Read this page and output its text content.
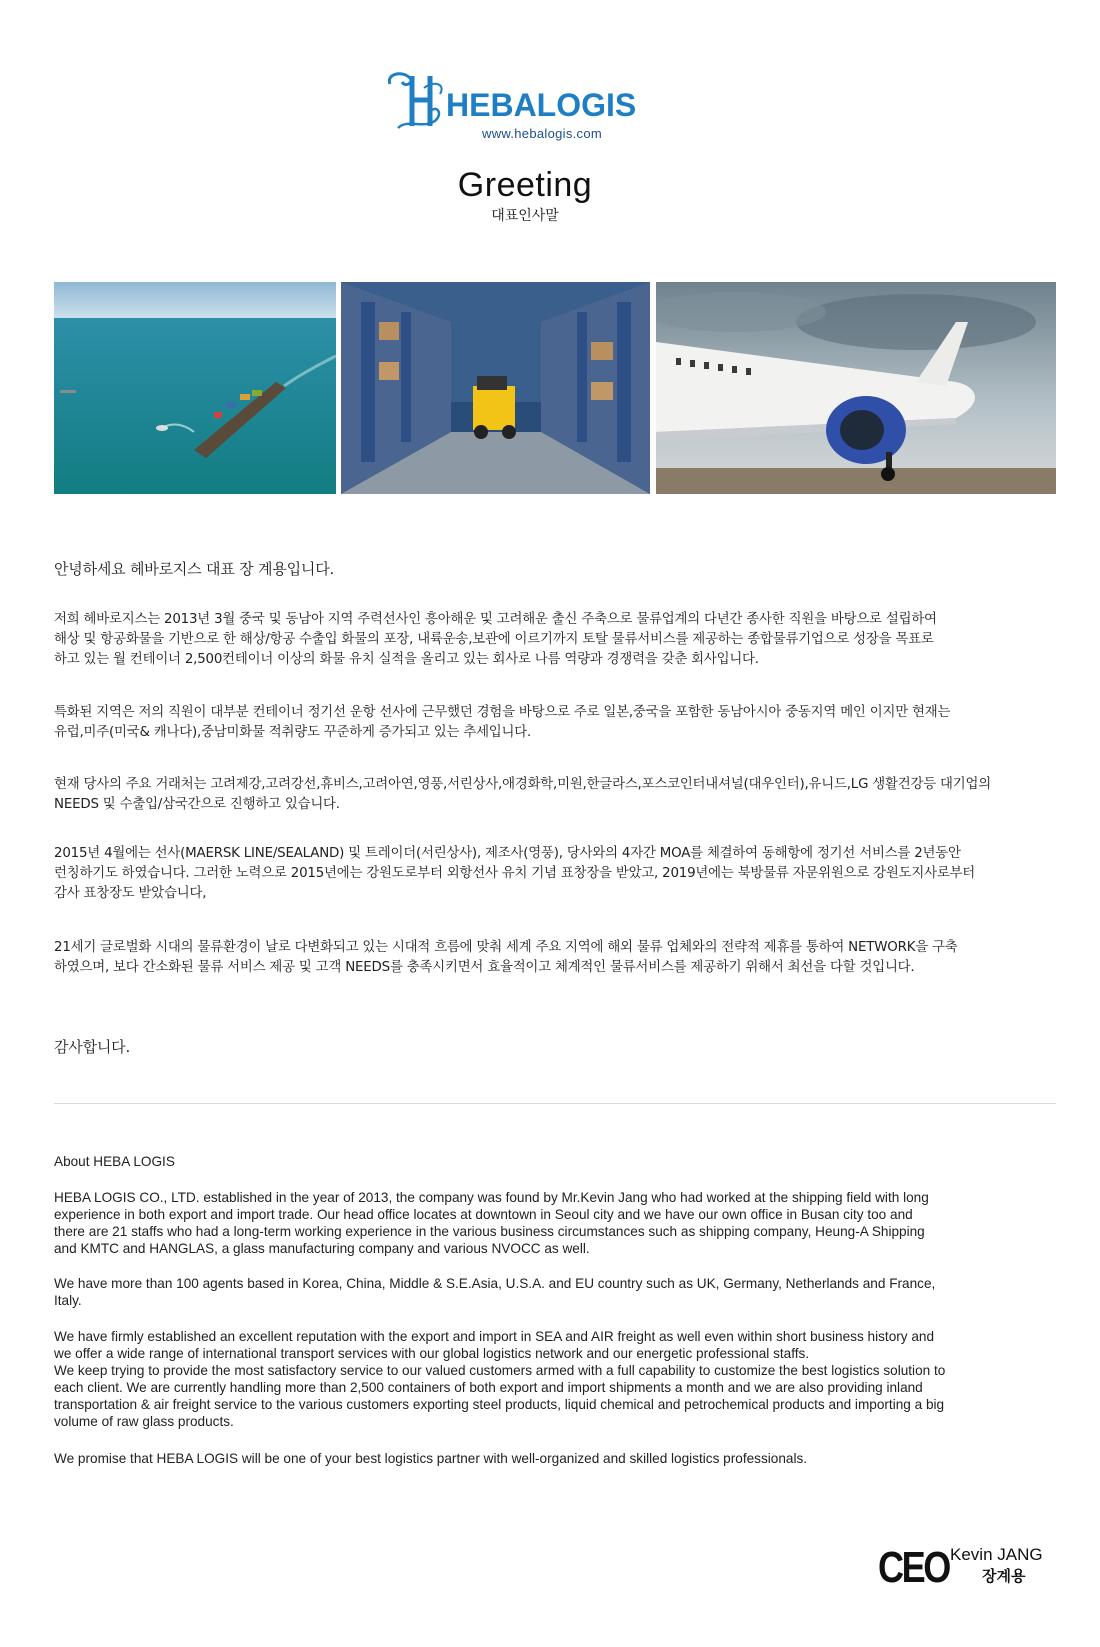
HEBALOGIS
www.hebalogis.com
Greeting
대표인사말

안녕하세요 헤바로지스 대표 장 계용입니다.

저희 헤바로지스는 2013년 3월 중국 및 동남아 지역 주력선사인 흥아해운 및 고려해운 출신 주축으로 물류업계의 다년간 종사한 직원을 바탕으로 설립하여

해상 및 항공화물을 기반으로 한 해상/항공 수출입 화물의 포장, 내륙운송,보관에 이르기까지 토탈 물류서비스를 제공하는 종합물류기업으로 성장을 목표로

하고 있는 월 컨테이너 2,500컨테이너 이상의 화물 유치 실적을 올리고 있는 회사로 나름 역량과 경쟁력을 갖춘 회사입니다.

특화된 지역은 저의 직원이 대부분 컨테이너 정기선 운항 선사에 근무했던 경험을 바탕으로 주로 일본,중국을 포함한 동남아시아 중동지역 메인 이지만 현재는

유럽,미주(미국& 캐나다),중남미화물 적취량도 꾸준하게 증가되고 있는 추세입니다.

현재 당사의 주요 거래처는 고려제강,고려강선,휴비스,고려아연,영풍,서린상사,애경화학,미원,한글라스,포스코인터내셔널(대우인터),유니드,LG 생활건강등 대기업의

NEEDS 및 수출입/삼국간으로 진행하고 있습니다.

2015년 4월에는 선사(MAERSK LINE/SEALAND) 및 트레이더(서린상사), 제조사(영풍), 당사와의 4자간 MOA를 체결하여 동해항에 정기선 서비스를 2년동안

런칭하기도 하였습니다. 그러한 노력으로 2015년에는 강원도로부터 외항선사 유치 기념 표창장을 받았고, 2019년에는 북방물류 자문위원으로 강원도지사로부터

감사 표창장도 받았습니다,

21세기 글로벌화 시대의 물류환경이 날로 다변화되고 있는 시대적 흐름에 맞춰 세계 주요 지역에 해외 물류 업체와의 전략적 제휴를 통하여 NETWORK을 구축

하였으며, 보다 간소화된 물류 서비스 제공 및 고객 NEEDS를 충족시키면서 효율적이고 체계적인 물류서비스를 제공하기 위해서 최선을 다할 것입니다.

감사합니다.

About HEBA LOGIS

HEBA LOGIS CO., LTD. established in the year of 2013, the company was found by Mr.Kevin Jang who had worked at the shipping field with long

experience in both export and import trade. Our head office locates at downtown in Seoul city and we have our own office in Busan city too and

there are 21 staffs who had a long-term working experience in the various business circumstances such as shipping company, Heung-A Shipping

and KMTC and HANGLAS, a glass manufacturing company and various NVOCC as well.

We have more than 100 agents based in Korea, China, Middle & S.E.Asia, U.S.A. and EU country such as UK, Germany, Netherlands and France,

Italy.

We have firmly established an excellent reputation with the export and import in SEA and AIR freight as well even within short business history and

we offer a wide range of international transport services with our global logistics network and our energetic professional staffs.

We keep trying to provide the most satisfactory service to our valued customers armed with a full capability to customize the best logistics solution to

each client. We are currently handling more than 2,500 containers of both export and import shipments a month and we are also providing inland

transportation & air freight service to the various customers exporting steel products, liquid chemical and petrochemical products and importing a big

volume of raw glass products.

We promise that HEBA LOGIS will be one of your best logistics partner with well-organized and skilled logistics professionals.

CEO Kevin JANG
장계용
